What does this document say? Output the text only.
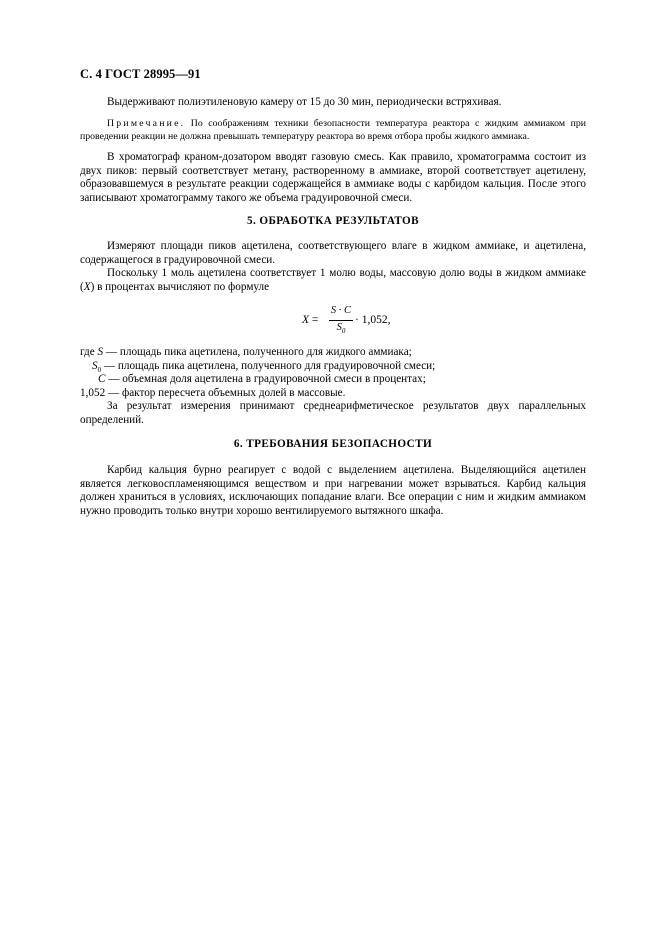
С. 4 ГОСТ 28995—91
Выдерживают полиэтиленовую камеру от 15 до 30 мин, периодически встряхивая.
Примечание. По соображениям техники безопасности температура реактора с жидким аммиаком при проведении реакции не должна превышать температуру реактора во время отбора пробы жидкого аммиака.
В хроматограф краном-дозатором вводят газовую смесь. Как правило, хроматограмма состоит из двух пиков: первый соответствует метану, растворенному в аммиаке, второй соответствует ацетилену, образовавшемуся в результате реакции содержащейся в аммиаке воды с карбидом кальция. После этого записывают хроматограмму такого же объема градуировочной смеси.
5. ОБРАБОТКА РЕЗУЛЬТАТОВ
Измеряют площади пиков ацетилена, соответствующего влаге в жидком аммиаке, и ацетилена, содержащегося в градуировочной смеси.
Поскольку 1 моль ацетилена соответствует 1 молю воды, массовую долю воды в жидком аммиаке (X) в процентах вычисляют по формуле
X =
S · C
$S_0$
· 1,052,
где S — площадь пика ацетилена, полученного для жидкого аммиака;
$S_0$ — площадь пика ацетилена, полученного для градуировочной смеси;
C — объемная доля ацетилена в градуировочной смеси в процентах;
1,052 — фактор пересчета объемных долей в массовые.
За результат измерения принимают среднеарифметическое результатов двух параллельных определений.
6. ТРЕБОВАНИЯ БЕЗОПАСНОСТИ
Карбид кальция бурно реагирует с водой с выделением ацетилена. Выделяющийся ацетилен является легковоспламеняющимся веществом и при нагревании может взрываться. Карбид кальция должен храниться в условиях, исключающих попадание влаги. Все операции с ним и жидким аммиаком нужно проводить только внутри хорошо вентилируемого вытяжного шкафа.
